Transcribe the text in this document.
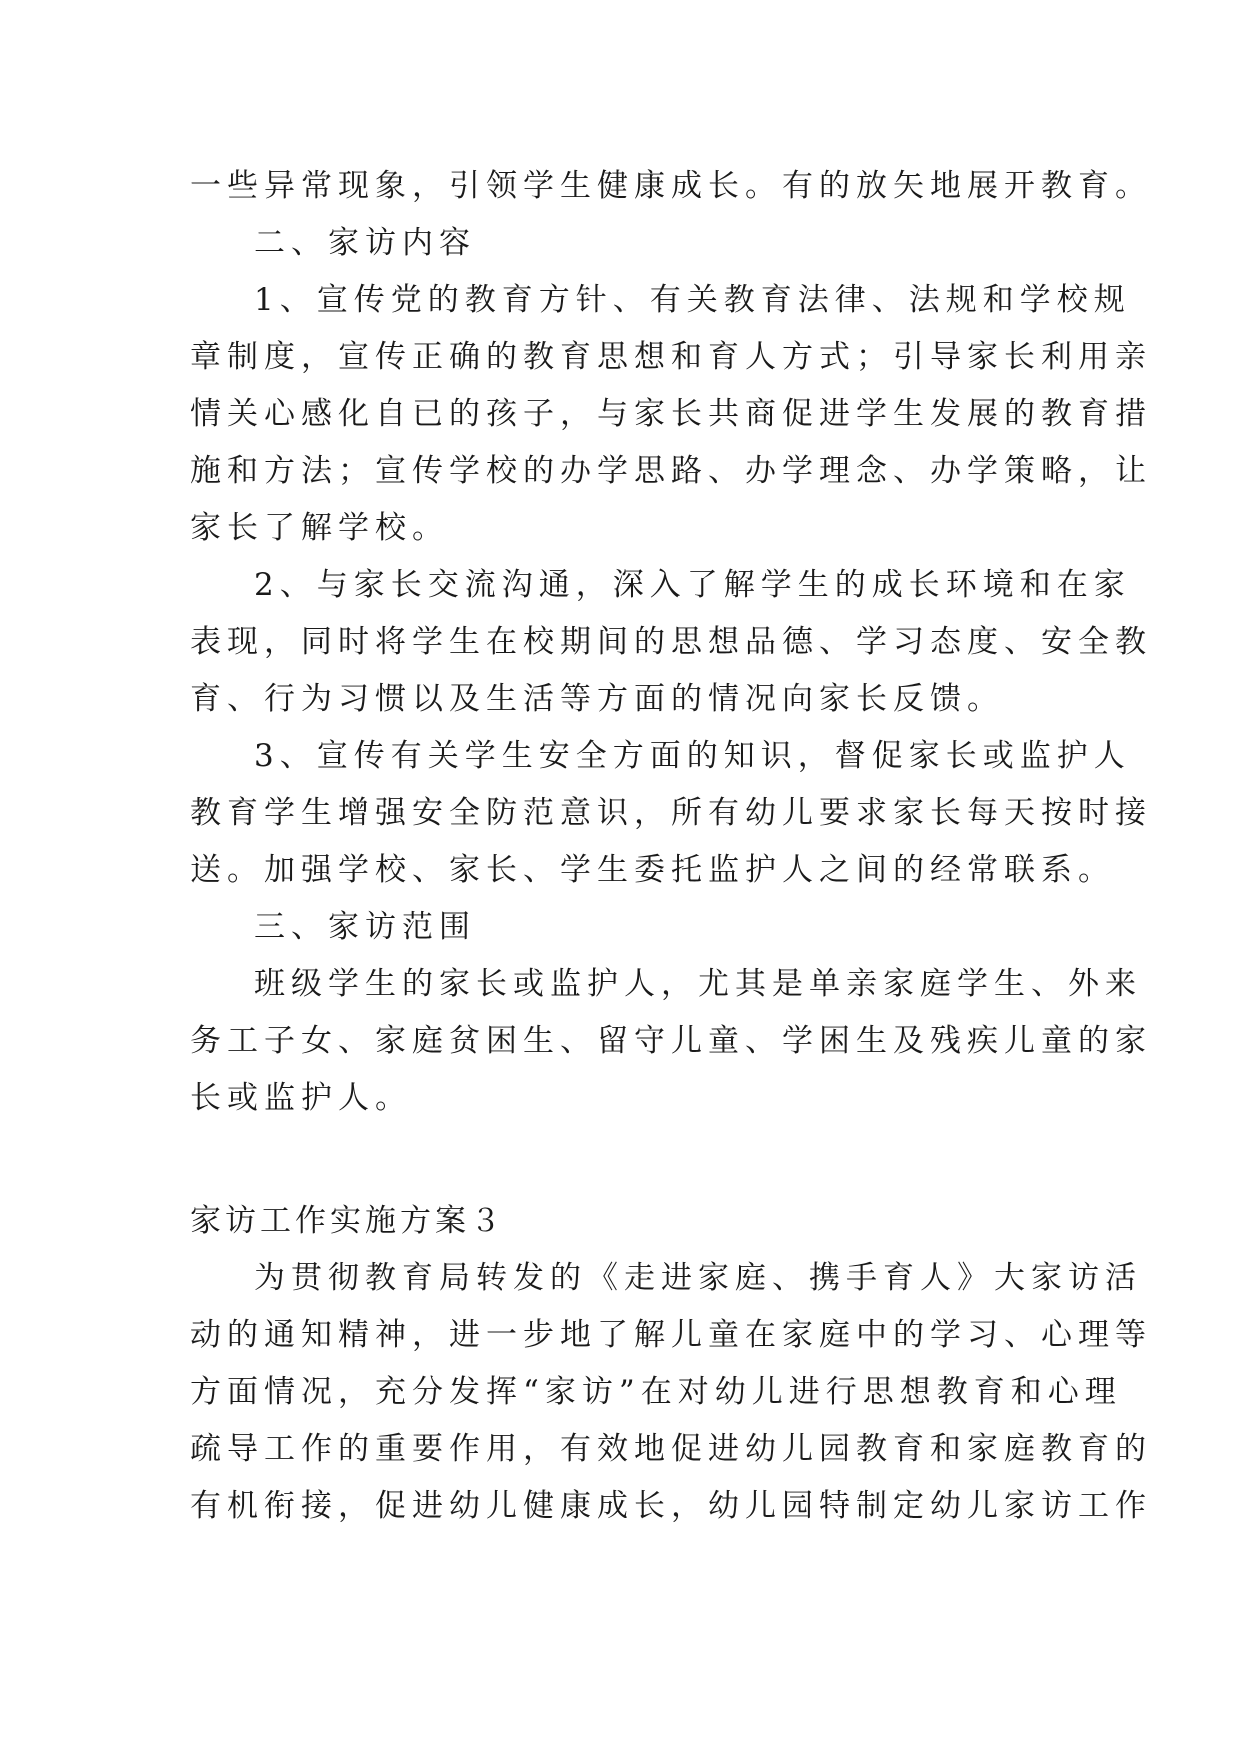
一些异常现象，引领学生健康成长。有的放矢地展开教育。
二、家访内容
1、宣传党的教育方针、有关教育法律、法规和学校规
章制度，宣传正确的教育思想和育人方式；引导家长利用亲
情关心感化自已的孩子，与家长共商促进学生发展的教育措
施和方法；宣传学校的办学思路、办学理念、办学策略，让
家长了解学校。
2、与家长交流沟通，深入了解学生的成长环境和在家
表现，同时将学生在校期间的思想品德、学习态度、安全教
育、行为习惯以及生活等方面的情况向家长反馈。
3、宣传有关学生安全方面的知识，督促家长或监护人
教育学生增强安全防范意识，所有幼儿要求家长每天按时接
送。加强学校、家长、学生委托监护人之间的经常联系。
三、家访范围
班级学生的家长或监护人，尤其是单亲家庭学生、外来
务工子女、家庭贫困生、留守儿童、学困生及残疾儿童的家
长或监护人。
家访工作实施方案３
为贯彻教育局转发的《走进家庭、携手育人》大家访活
动的通知精神，进一步地了解儿童在家庭中的学习、心理等
方面情况，充分发挥“家访”在对幼儿进行思想教育和心理
疏导工作的重要作用，有效地促进幼儿园教育和家庭教育的
有机衔接，促进幼儿健康成长，幼儿园特制定幼儿家访工作
